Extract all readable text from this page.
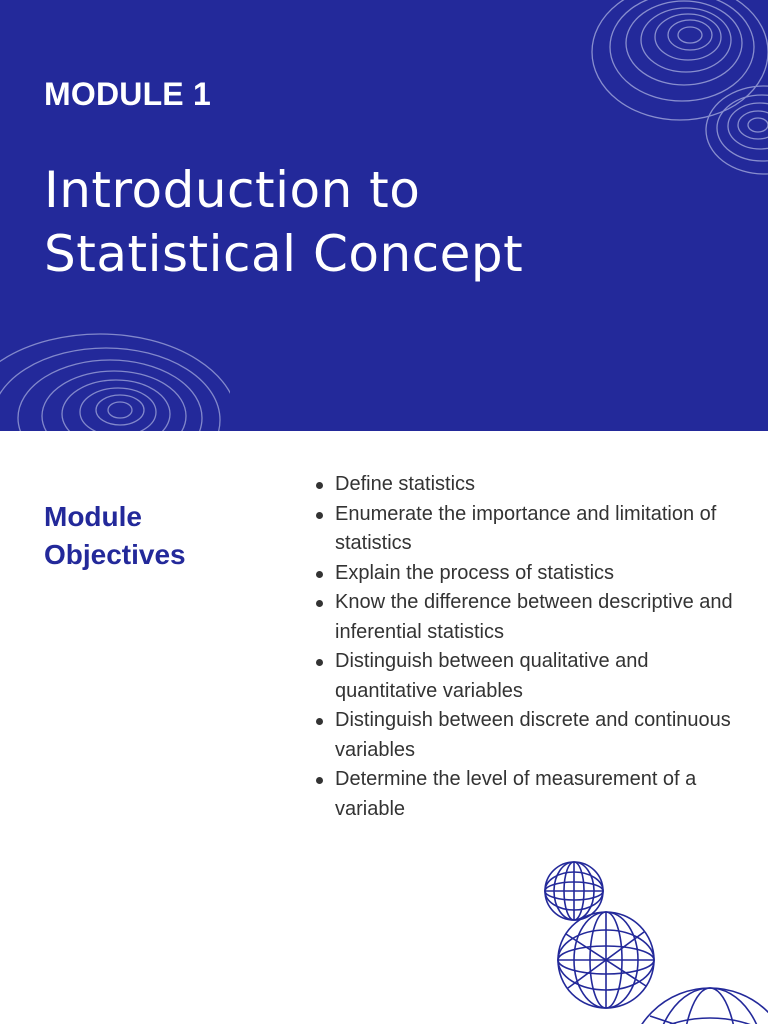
MODULE 1
Introduction to
Statistical Concept
Module
Objectives
Define statistics
Enumerate the importance and limitation of statistics
Explain the process of statistics
Know the difference between descriptive and inferential statistics
Distinguish between qualitative and quantitative variables
Distinguish between discrete and continuous variables
Determine the level of measurement of a variable
